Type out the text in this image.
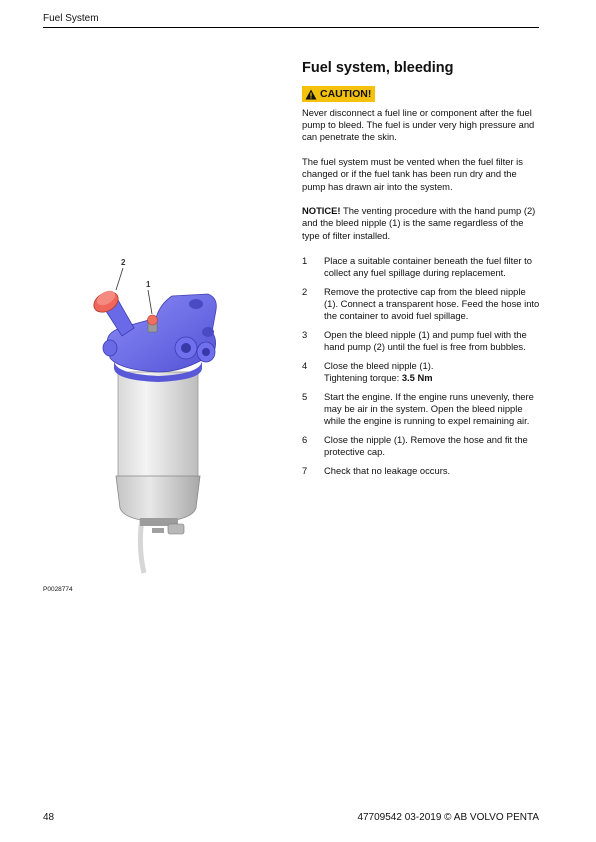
Fuel System
2
1
P0028774
Fuel system, bleeding
CAUTION!

Never disconnect a fuel line or component after the fuel pump to bleed. The fuel is under very high pressure and can penetrate the skin.

The fuel system must be vented when the fuel filter is changed or if the fuel tank has been run dry and the pump has drawn air into the system.

NOTICE! The venting procedure with the hand pump (2) and the bleed nipple (1) is the same regardless of the type of filter installed.

1	Place a suitable container beneath the fuel filter to collect any fuel spillage during replacement.
2	Remove the protective cap from the bleed nipple (1). Connect a transparent hose. Feed the hose into the container to avoid fuel spillage.
3	Open the bleed nipple (1) and pump fuel with the hand pump (2) until the fuel is free from bubbles.
4	Close the bleed nipple (1).
Tightening torque: 3.5 Nm
5	Start the engine. If the engine runs unevenly, there may be air in the system. Open the bleed nipple while the engine is running to expel remaining air.
6	Close the nipple (1). Remove the hose and fit the protective cap.
7	Check that no leakage occurs.
48	47709542 03-2019 © AB VOLVO PENTA
